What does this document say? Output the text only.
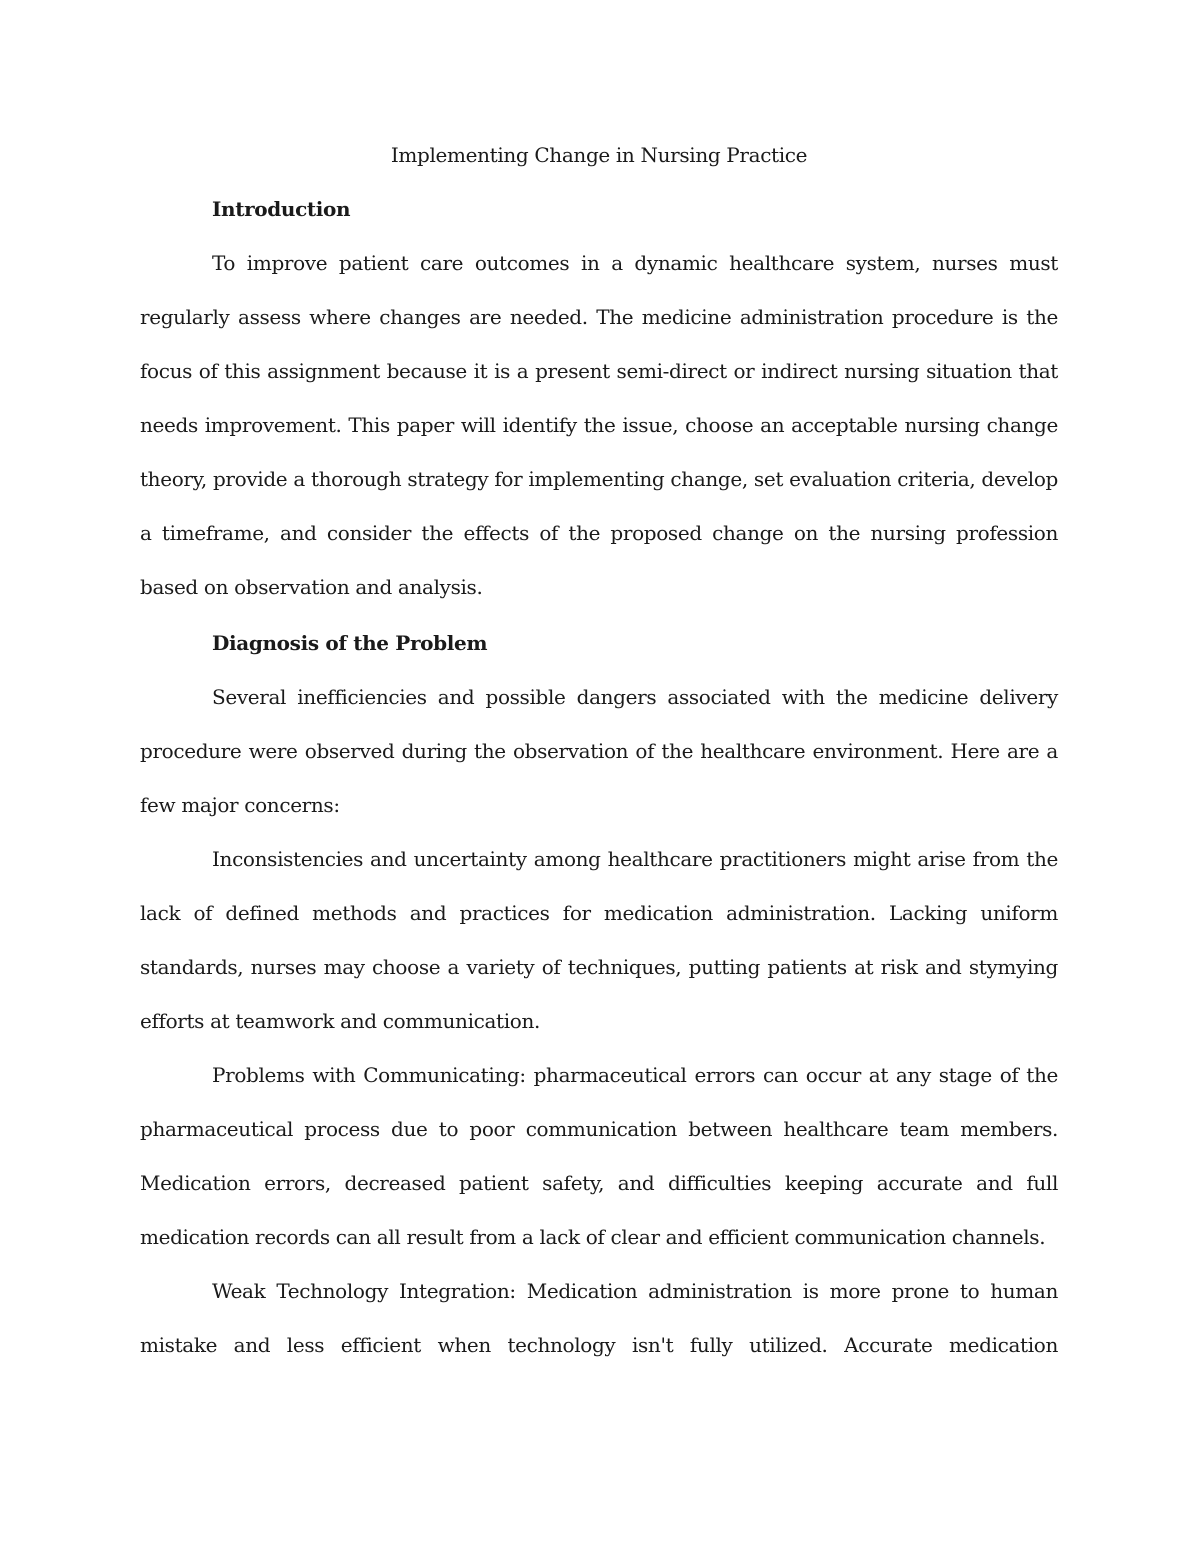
Implementing Change in Nursing Practice
Introduction

To improve patient care outcomes in a dynamic healthcare system, nurses must regularly assess where changes are needed. The medicine administration procedure is the focus of this assignment because it is a present semi-direct or indirect nursing situation that needs improvement. This paper will identify the issue, choose an acceptable nursing change theory, provide a thorough strategy for implementing change, set evaluation criteria, develop a timeframe, and consider the effects of the proposed change on the nursing profession based on observation and analysis.

Diagnosis of the Problem

Several inefficiencies and possible dangers associated with the medicine delivery procedure were observed during the observation of the healthcare environment. Here are a few major concerns:

Inconsistencies and uncertainty among healthcare practitioners might arise from the lack of defined methods and practices for medication administration. Lacking uniform standards, nurses may choose a variety of techniques, putting patients at risk and stymying efforts at teamwork and communication.

Problems with Communicating: pharmaceutical errors can occur at any stage of the pharmaceutical process due to poor communication between healthcare team members. Medication errors, decreased patient safety, and difficulties keeping accurate and full medication records can all result from a lack of clear and efficient communication channels.

Weak Technology Integration: Medication administration is more prone to human mistake and less efficient when technology isn't fully utilized. Accurate medication
